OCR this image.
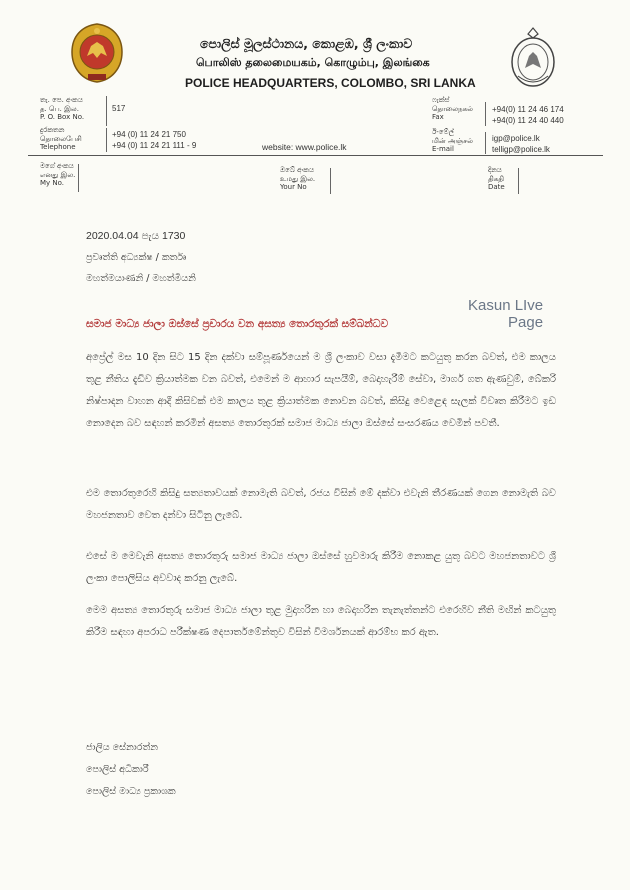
පොලිස් මූලස්ථානය, කොළඹ, ශ්‍රී ලංකාව
பொலிஸ் தலைமையகம், கொழும்பு, இலங்கை
POLICE HEADQUARTERS, COLOMBO, SRI LANKA
තැ. පෙ. අංකය
த. பெ. இல.
P. O. Box No.
517
දුරකතන
தொலைபேசி
Telephone
+94 (0) 11 24 21 750
+94 (0) 11 24 21 111 - 9	website: www.police.lk
ෆැක්ස්
தொலைநகல்
Fax
+94(0) 11 24 46 174
+94(0) 11 24 40 440
ඊ-මේල්
மின் அஞ்சல்
E-mail
igp@police.lk
telligp@police.lk
මගේ අංකය
எனது இல.
My No.
ඔබේ අංකය
உமது இல.
Your No
දිනය
திகதி
Date
2020.04.04 පැය 1730
ප්‍රවෘත්ති අධ්‍යක්ෂ / කර්තෘ
මහත්මයාණනි / මහත්මියනි
Kasun LIve
Page
සමාජ මාධ්‍ය ජාලා ඔස්සේ ප්‍රචාරය වන අසත්‍ය තොරතුරක් සම්බන්ධව
අප්‍රේල් මස 10 දින සිට 15 දින දක්වා සම්පූර්ණයෙන් ම ශ්‍රී ලංකාව වසා දැමීමට කටයුතු කරන බවත්, එම කාලය තුළ නීතිය දැඩිව ක්‍රියාත්මක වන බවත්, එමෙන් ම ආහාර සැපයීම්, බෙදාහැරීම් සේවා, මාර්ග ගත ඇණවුම්, බේකරි නිෂ්පාදන වාහන ආදී කිසිවක් එම කාලය තුළ ක්‍රියාත්මක නොවන බවත්, කිසිදු වෙළෙඳ සැලක් විවෘත කිරීමට ඉඩ නොදෙන බව සඳහන් කරමින් අසත්‍ය තොරතුරක් සමාජ මාධ්‍ය ජාලා ඔස්සේ සංසරණය වෙමින් පවතී.
එම තොරතුරෙහි කිසිදු සත්‍යතාවයක් නොමැති බවත්, රජය විසින් මේ දක්වා එවැනි තීරණයක් ගෙන නොමැති බව මහජනතාව වෙත දන්වා සිටිනු ලැබේ.
එසේ ම මෙවැනි අසත්‍ය තොරතුරු සමාජ මාධ්‍ය ජාලා ඔස්සේ හුවමාරු කිරීම නොකළ යුතු බවට මහජනතාවට ශ්‍රී ලංකා පොලිසිය අවවාද කරනු ලැබේ.
මෙම අසත්‍ය තොරතුරු සමාජ මාධ්‍ය ජාලා තුළ මුදාහරින හා බෙදාහරින තැනැත්තන්ට එරෙහිව නීති මඟින් කටයුතු කිරීම සඳහා අපරාධ පරීක්ෂණ දෙපාර්තමේන්තුව විසින් විමර්ශනයක් ආරම්භ කර ඇත.
ජාලිය සේනාරත්න
පොලිස් අධිකාරී
පොලිස් මාධ්‍ය ප්‍රකාශක
